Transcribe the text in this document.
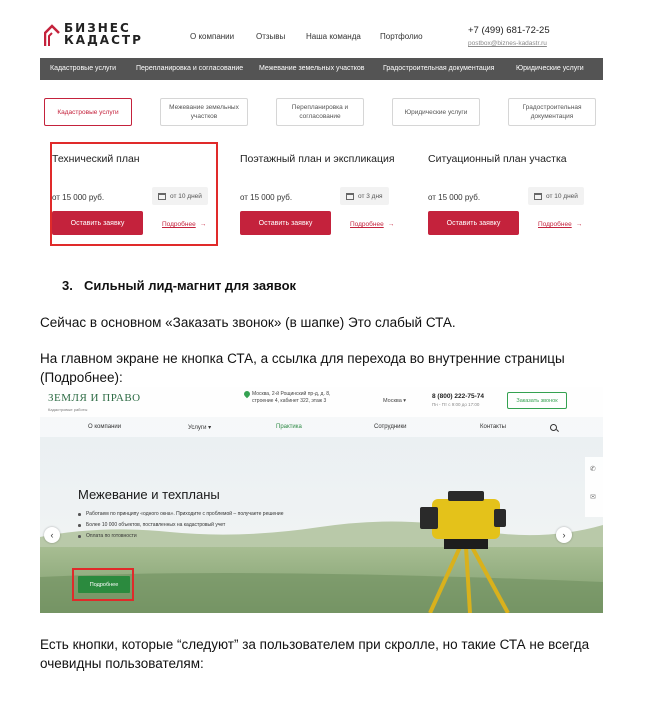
БИЗНЕС
КАДАСТР	О компании	Отзывы	Наша команда Портфолио
+7 (499) 681-72-25
postbox@biznes-kadastr.ru
Кадастровые услуги	Перепланировка и согласование Межевание земельных участков	Градостроительная документация	Юридические услуги
Кадастровые услуги
Межевание земельных участков
Перепланировка и согласование
Юридические услуги
Градостроительная документация
Технический план
от 15 000 руб.	от 10 дней
Оставить заявку	Подробнее →
Поэтажный план и экспликация
от 15 000 руб.	от 3 дня
Оставить заявку	Подробнее →
Ситуационный план участка
от 15 000 руб.	от 10 дней
Оставить заявку	Подробнее →
3. Сильный лид-магнит для заявок
Сейчас в основном «Заказать звонок» (в шапке) Это слабый СТА.
На главном экране не кнопка СТА, а ссылка для перехода во внутренние страницы (Подробнее):
ЗЕМЛЯ И ПРАВО
Кадастровые работы
Москва, 2-й Рощинский пр-д, д. 8, строение 4, кабинет 322, этаж 3	Москва ▾
8 (800) 222-75-74
Пн - Пт с 9:00 до 17:00
Заказать звонок
О компании	Услуги ▾	Практика	Сотрудники	Контакты
✆
✉
Межевание и техпланы
Работаем по принципу «одного окна». Приходите с проблемой – получаете решение
Более 10 000 объектов, поставленных на кадастровый учет
Оплата по готовности
Подробнее
‹	›
Есть кнопки, которые “следуют” за пользователем при скролле, но такие СТА не всегда очевидны пользователям:
